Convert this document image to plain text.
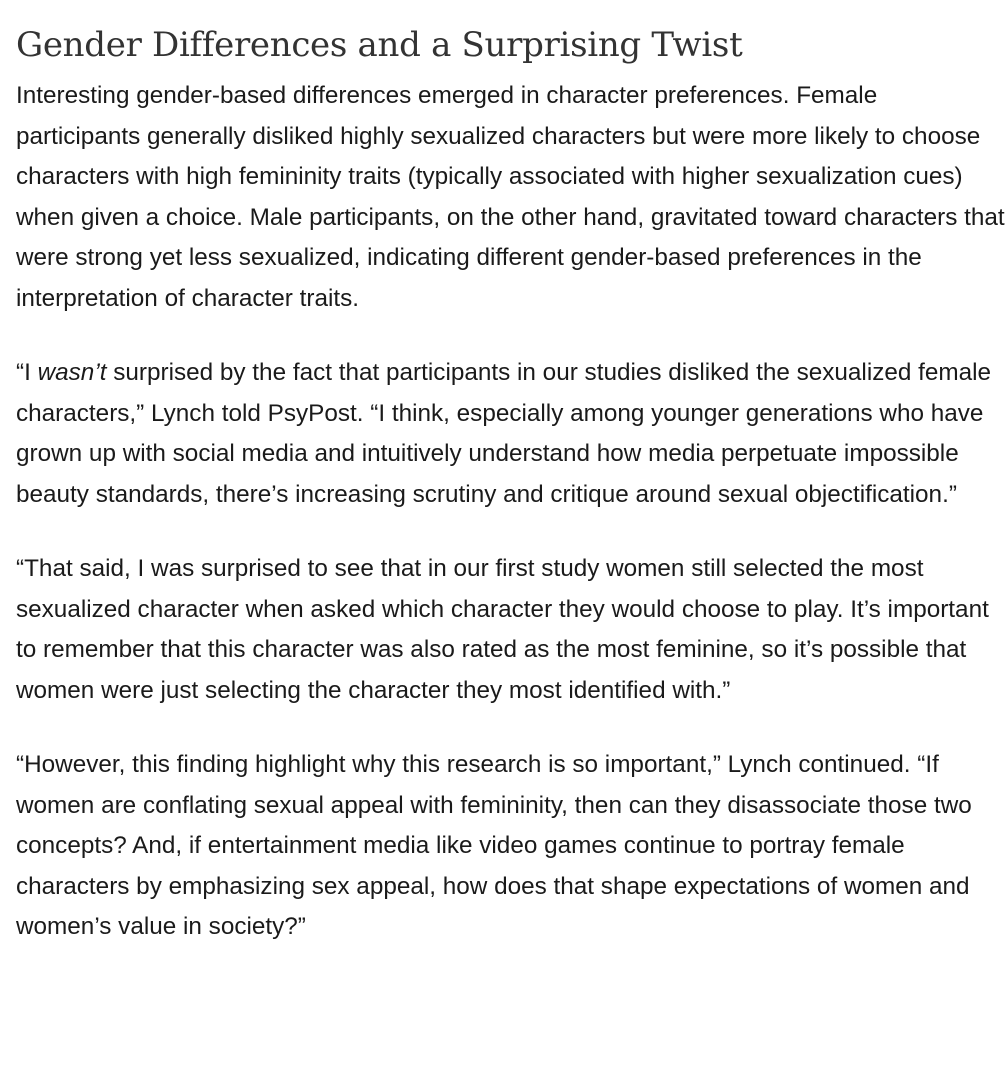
Gender Differences and a Surprising Twist

Interesting gender-based differences emerged in character preferences. Female participants generally disliked highly sexualized characters but were more likely to choose characters with high femininity traits (typically associated with higher sexualization cues) when given a choice. Male participants, on the other hand, gravitated toward characters that were strong yet less sexualized, indicating different gender-based preferences in the interpretation of character traits.

“I wasn’t surprised by the fact that participants in our studies disliked the sexualized female characters,” Lynch told PsyPost. “I think, especially among younger generations who have grown up with social media and intuitively understand how media perpetuate impossible beauty standards, there’s increasing scrutiny and critique around sexual objectification.”

“That said, I was surprised to see that in our first study women still selected the most sexualized character when asked which character they would choose to play. It’s important to remember that this character was also rated as the most feminine, so it’s possible that women were just selecting the character they most identified with.”

“However, this finding highlight why this research is so important,” Lynch continued. “If women are conflating sexual appeal with femininity, then can they disassociate those two concepts? And, if entertainment media like video games continue to portray female characters by emphasizing sex appeal, how does that shape expectations of women and women’s value in society?”
